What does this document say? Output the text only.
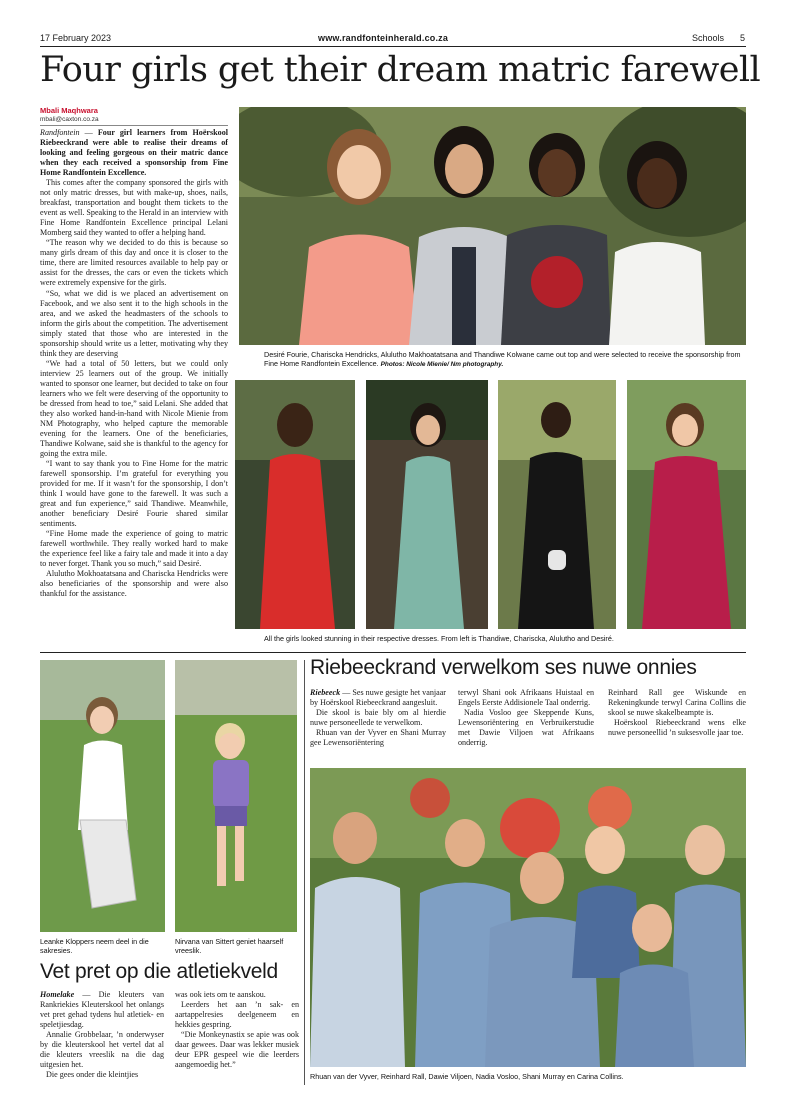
17 February 2023	www.randfonteinherald.co.za	Schools 5
Four girls get their dream matric farewell
Mbali Maqhwara
mbali@caxton.co.za

Randfontein — Four girl learners from Hoërskool Riebeeckrand were able to realise their dreams of looking and feeling gorgeous on their matric dance when they each received a sponsorship from Fine Home Randfontein Excellence.

This comes after the company sponsored the girls with not only matric dresses, but with make-up, shoes, nails, breakfast, transportation and bought them tickets to the event as well. Speaking to the Herald in an interview with Fine Home Randfontein Excellence principal Lelani Momberg said they wanted to offer a helping hand.

“The reason why we decided to do this is because so many girls dream of this day and once it is closer to the time, there are limited resources available to help pay or assist for the dresses, the cars or even the tickets which were extremely expensive for the girls.

“So, what we did is we placed an advertisement on Facebook, and we also sent it to the high schools in the area, and we asked the headmasters of the schools to inform the girls about the competition. The advertisement simply stated that those who are interested in the sponsorship should write us a letter, motivating why they think they are deserving

“We had a total of 50 letters, but we could only interview 25 learners out of the group. We initially wanted to sponsor one learner, but decided to take on four learners who we felt were deserving of the opportunity to be dressed from head to toe,” said Lelani. She added that they also worked hand-in-hand with Nicole Mienie from NM Photography, who helped capture the memorable evening for the learners. One of the beneficiaries, Thandiwe Kolwane, said she is thankful to the agency for going the extra mile.

“I want to say thank you to Fine Home for the matric farewell sponsorship. I’m grateful for everything you provided for me. If it wasn’t for the sponsorship, I don’t think I would have gone to the farewell. It was such a great and fun experience,” said Thandiwe. Meanwhile, another beneficiary Desiré Fourie shared similar sentiments.

“Fine Home made the experience of going to matric farewell worthwhile. They really worked hard to make the experience feel like a fairy tale and made it into a day to never forget. Thank you so much,” said Desiré.

Alulutho Mokhoatatsana and Chariscka Hendricks were also beneficiaries of the sponsorship and were also thankful for the assistance.

Desiré Fourie, Chariscka Hendricks, Alulutho Makhoatatsana and Thandiwe Kolwane came out top and were selected to receive the sponsorship from Fine Home Randfontein Excellence. Photos: Nicole Mienie/ Nm photography.
All the girls looked stunning in their respective dresses. From left is Thandiwe, Chariscka, Alulutho and Desiré.
Leanke Kloppers neem deel in die sakresies.
Nirvana van Sittert geniet haarself vreeslik.
Vet pret op die atletiekveld

Homelake — Die kleuters van Rankriekies Kleuterskool het onlangs vet pret gehad tydens hul atletiek- en speletjiesdag.

Annalie Grobbelaar, ’n onderwyser by die kleuterskool het vertel dat al die kleuters vreeslik na die dag uitgesien het.

Die gees onder die kleintjies

was ook iets om te aanskou.

Leerders het aan ’n sak- en aartappelresies deelgeneem en hekkies gespring.

“Die Monkeynastix se apie was ook daar gewees. Daar was lekker musiek deur EPR gespeel wie die leerders aangemoedig het.”

Riebeeckrand verwelkom ses nuwe onnies

Riebeeck — Ses nuwe gesigte het vanjaar by Hoërskool Riebeeckrand aangesluit.

Die skool is baie bly om al hierdie nuwe personeellede te verwelkom.

Rhuan van der Vyver en Shani Murray gee Lewensoriëntering

terwyl Shani ook Afrikaans Huistaal en Engels Eerste Addisionele Taal onderrig.

Nadia Vosloo gee Skeppende Kuns, Lewensoriëntering en Verbruikerstudie met Dawie Viljoen wat Afrikaans onderrig.

Reinhard Rall gee Wiskunde en Rekeningkunde terwyl Carina Collins die skool se nuwe skakelbeampte is.

Hoërskool Riebeeckrand wens elke nuwe personeellid ’n suksesvolle jaar toe.

Rhuan van der Vyver, Reinhard Rall, Dawie Viljoen, Nadia Vosloo, Shani Murray en Carina Collins.
